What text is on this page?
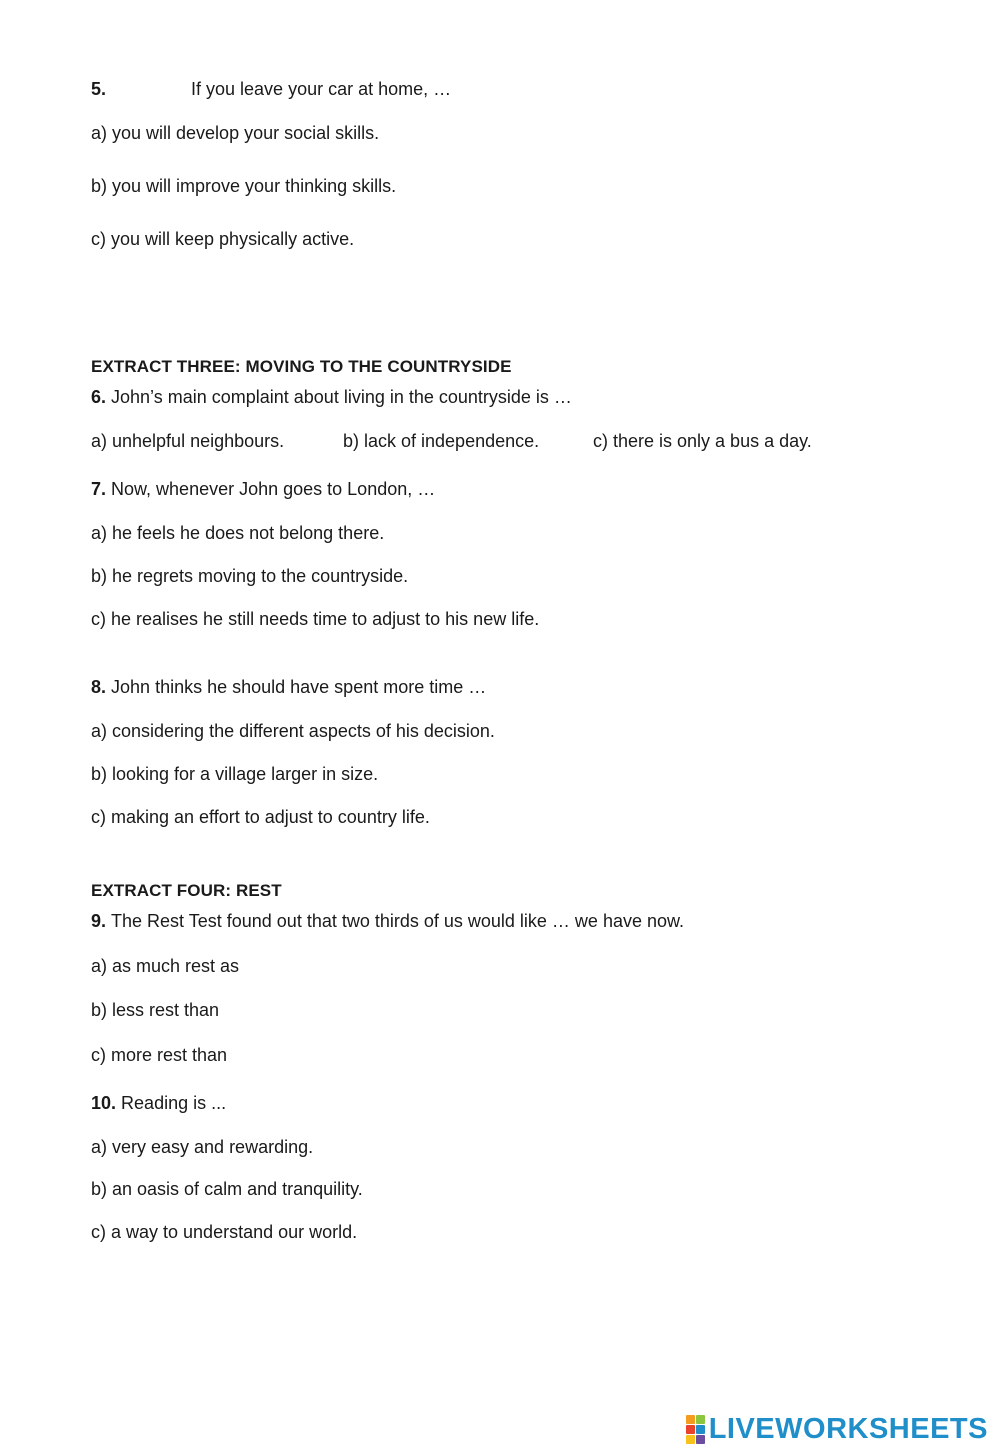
5.	If you leave your car at home, …
a) you will develop your social skills.
b) you will improve your thinking skills.
c) you will keep physically active.
EXTRACT THREE: MOVING TO THE COUNTRYSIDE
6. John’s main complaint about living in the countryside is …
a) unhelpful neighbours.	b) lack of independence.	c) there is only a bus a day.
7. Now, whenever John goes to London, …
a) he feels he does not belong there.
b) he regrets moving to the countryside.
c) he realises he still needs time to adjust to his new life.
8. John thinks he should have spent more time …
a) considering the different aspects of his decision.
b) looking for a village larger in size.
c) making an effort to adjust to country life.
EXTRACT FOUR: REST
9. The Rest Test found out that two thirds of us would like … we have now.
a) as much rest as
b) less rest than
c) more rest than
10. Reading is ...
a) very easy and rewarding.
b) an oasis of calm and tranquility.
c) a way to understand our world.
LIVEWORKSHEETS
